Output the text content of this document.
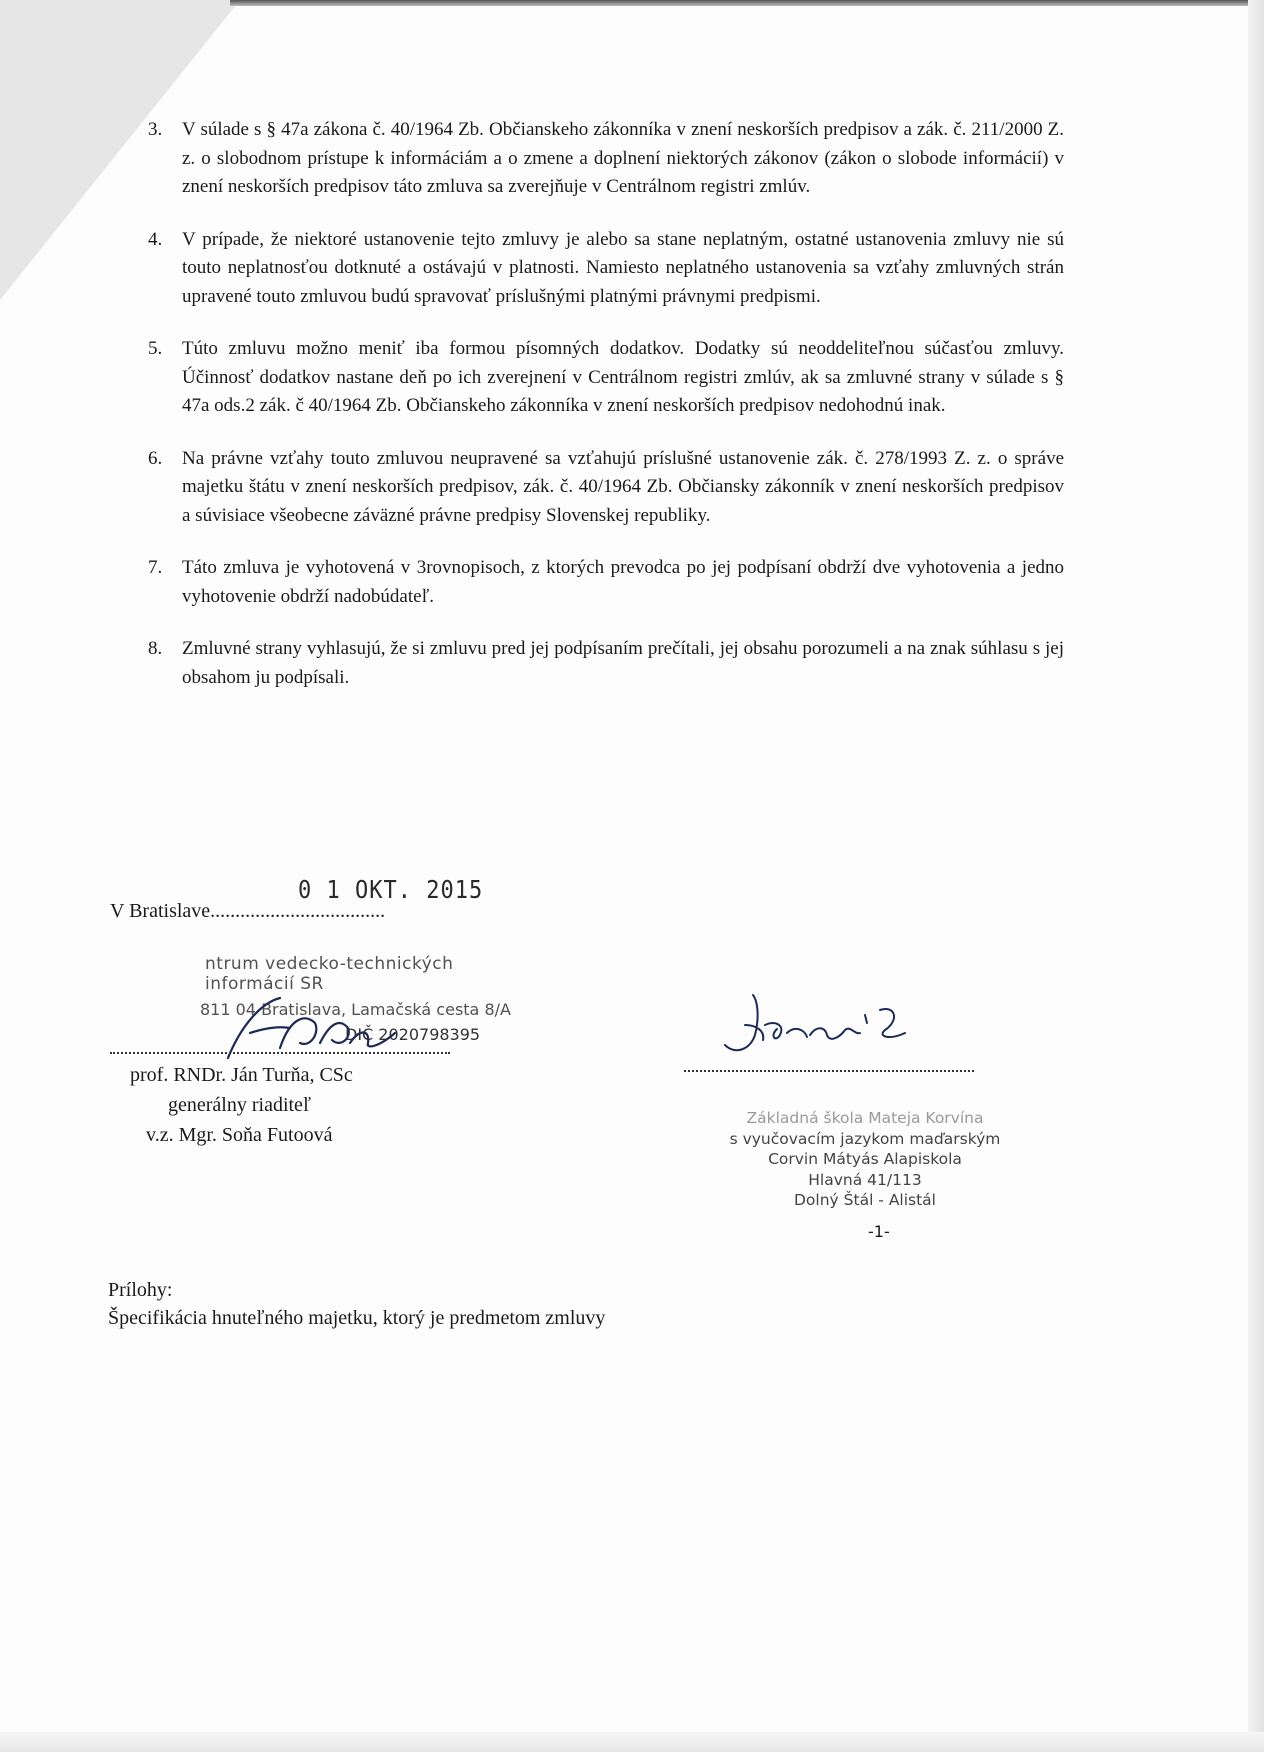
3.	V súlade s § 47a zákona č. 40/1964 Zb. Občianskeho zákonníka v znení neskorších predpisov a zák. č. 211/2000 Z. z. o slobodnom prístupe k informáciám a o zmene a doplnení niektorých zákonov (zákon o slobode informácií) v znení neskorších predpisov táto zmluva sa zverejňuje v Centrálnom registri zmlúv.
4.	V prípade, že niektoré ustanovenie tejto zmluvy je alebo sa stane neplatným, ostatné ustanovenia zmluvy nie sú touto neplatnosťou dotknuté a ostávajú v platnosti. Namiesto neplatného ustanovenia sa vzťahy zmluvných strán upravené touto zmluvou budú spravovať príslušnými platnými právnymi predpismi.
5.	Túto zmluvu možno meniť iba formou písomných dodatkov. Dodatky sú neoddeliteľnou súčasťou zmluvy. Účinnosť dodatkov nastane deň po ich zverejnení v Centrálnom registri zmlúv, ak sa zmluvné strany v súlade s § 47a ods.2 zák. č 40/1964 Zb. Občianskeho zákonníka v znení neskorších predpisov nedohodnú inak.
6.	Na právne vzťahy touto zmluvou neupravené sa vzťahujú príslušné ustanovenie zák. č. 278/1993 Z. z. o správe majetku štátu v znení neskorších predpisov, zák. č. 40/1964 Zb. Občiansky zákonník v znení neskorších predpisov a súvisiace všeobecne záväzné právne predpisy Slovenskej republiky.
7.	Táto zmluva je vyhotovená v 3rovnopisoch, z ktorých prevodca po jej podpísaní obdrží dve vyhotovenia a jedno vyhotovenie obdrží nadobúdateľ.
8.	Zmluvné strany vyhlasujú, že si zmluvu pred jej podpísaním prečítali, jej obsahu porozumeli a na znak súhlasu s jej obsahom ju podpísali.
0 1 OKT. 2015
V Bratislave...................................
ntrum vedecko-technických informácií SR
811 04 Bratislava, Lamačská cesta 8/A
DIČ 2020798395
prof. RNDr. Ján Turňa, CSc
generálny riaditeľ
v.z. Mgr. Soňa Futoová
Základná škola Mateja Korvína
s vyučovacím jazykom maďarským
Corvin Mátyás Alapiskola
Hlavná 41/113
Dolný Štál - Alistál
-1-
Prílohy:
Špecifikácia hnuteľného majetku, ktorý je predmetom zmluvy
